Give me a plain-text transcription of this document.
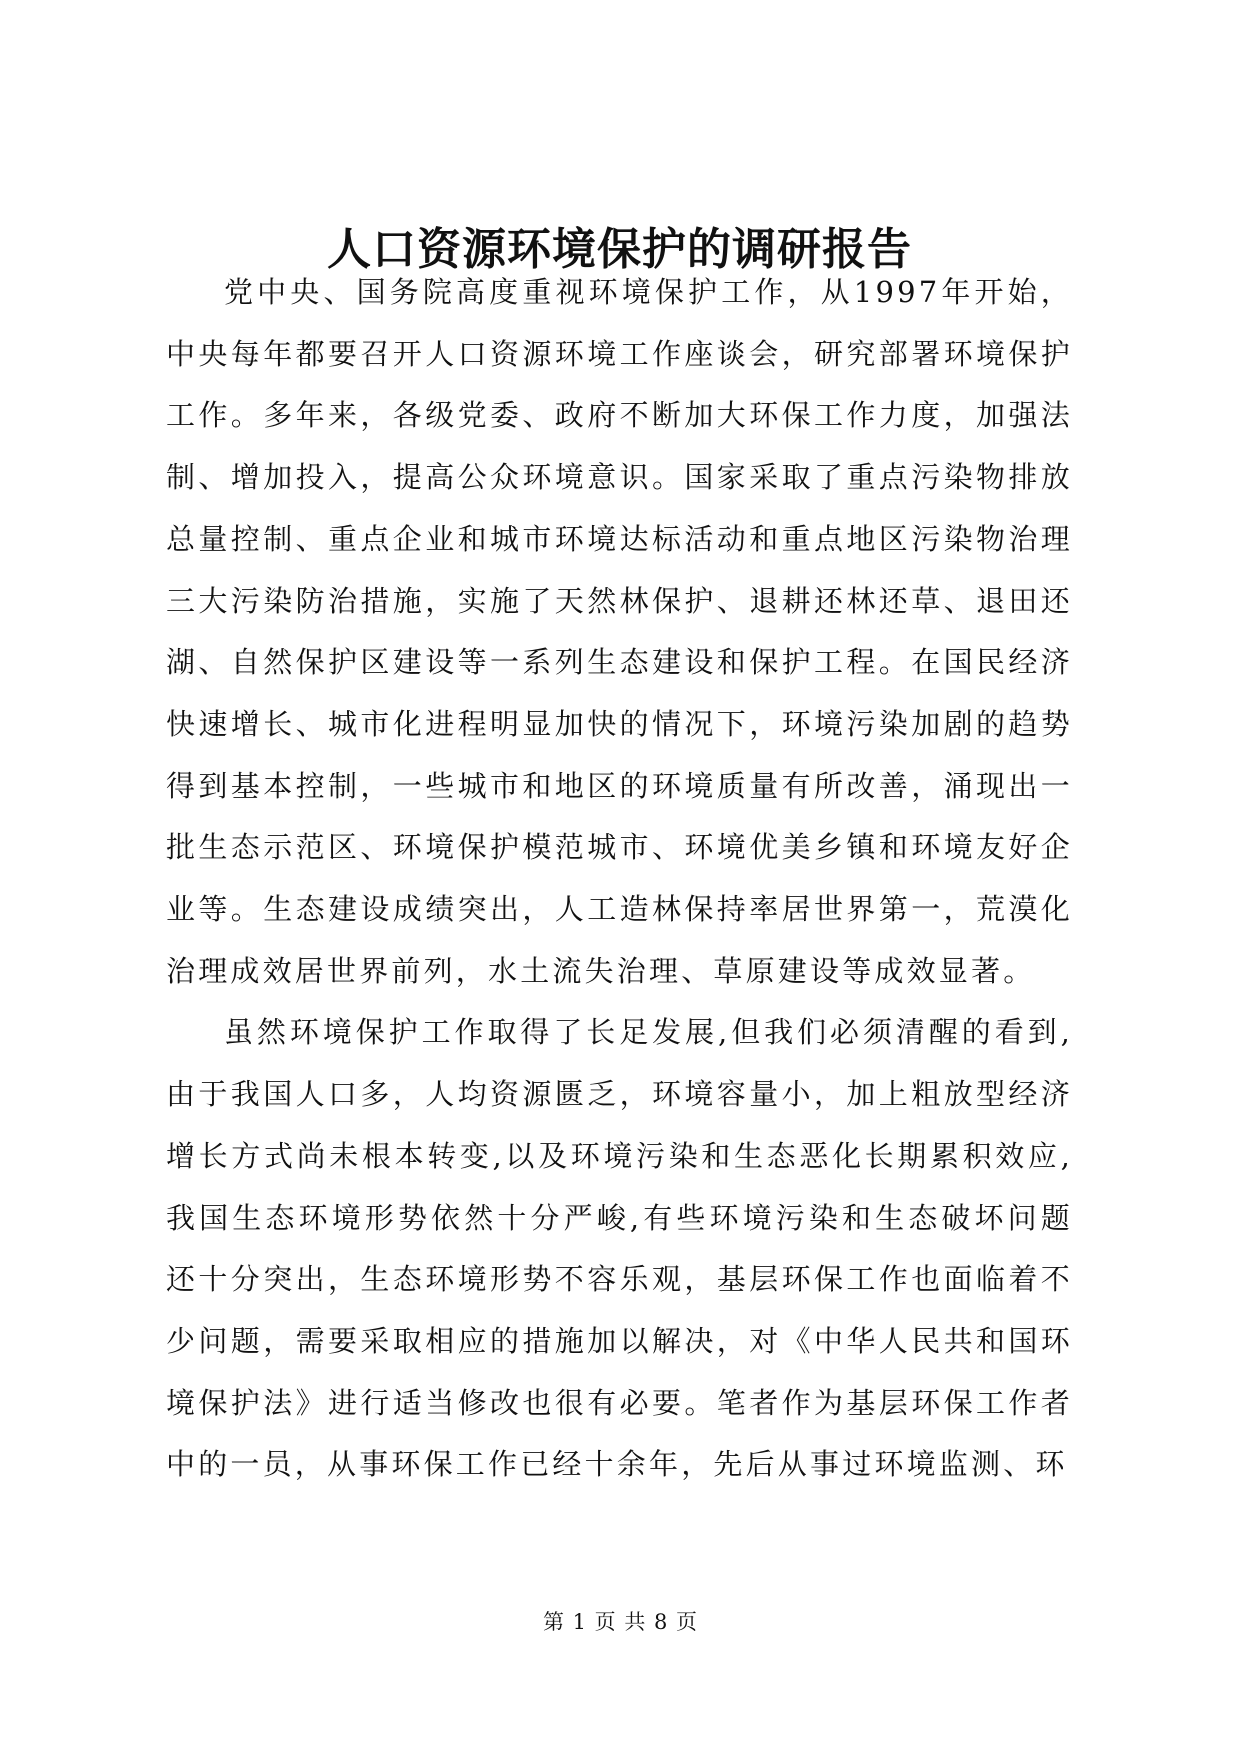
人口资源环境保护的调研报告

党中央、国务院高度重视环境保护工作，从1997年开始，中央每年都要召开人口资源环境工作座谈会，研究部署环境保护工作。多年来，各级党委、政府不断加大环保工作力度，加强法制、增加投入，提高公众环境意识。国家采取了重点污染物排放总量控制、重点企业和城市环境达标活动和重点地区污染物治理三大污染防治措施，实施了天然林保护、退耕还林还草、退田还湖、自然保护区建设等一系列生态建设和保护工程。在国民经济快速增长、城市化进程明显加快的情况下，环境污染加剧的趋势得到基本控制，一些城市和地区的环境质量有所改善，涌现出一批生态示范区、环境保护模范城市、环境优美乡镇和环境友好企业等。生态建设成绩突出，人工造林保持率居世界第一，荒漠化治理成效居世界前列，水土流失治理、草原建设等成效显著。

虽然环境保护工作取得了长足发展,但我们必须清醒的看到,由于我国人口多，人均资源匮乏，环境容量小，加上粗放型经济增长方式尚未根本转变,以及环境污染和生态恶化长期累积效应,我国生态环境形势依然十分严峻,有些环境污染和生态破坏问题还十分突出，生态环境形势不容乐观，基层环保工作也面临着不少问题，需要采取相应的措施加以解决，对《中华人民共和国环境保护法》进行适当修改也很有必要。笔者作为基层环保工作者中的一员，从事环保工作已经十余年，先后从事过环境监测、环

第 1 页 共 8 页
